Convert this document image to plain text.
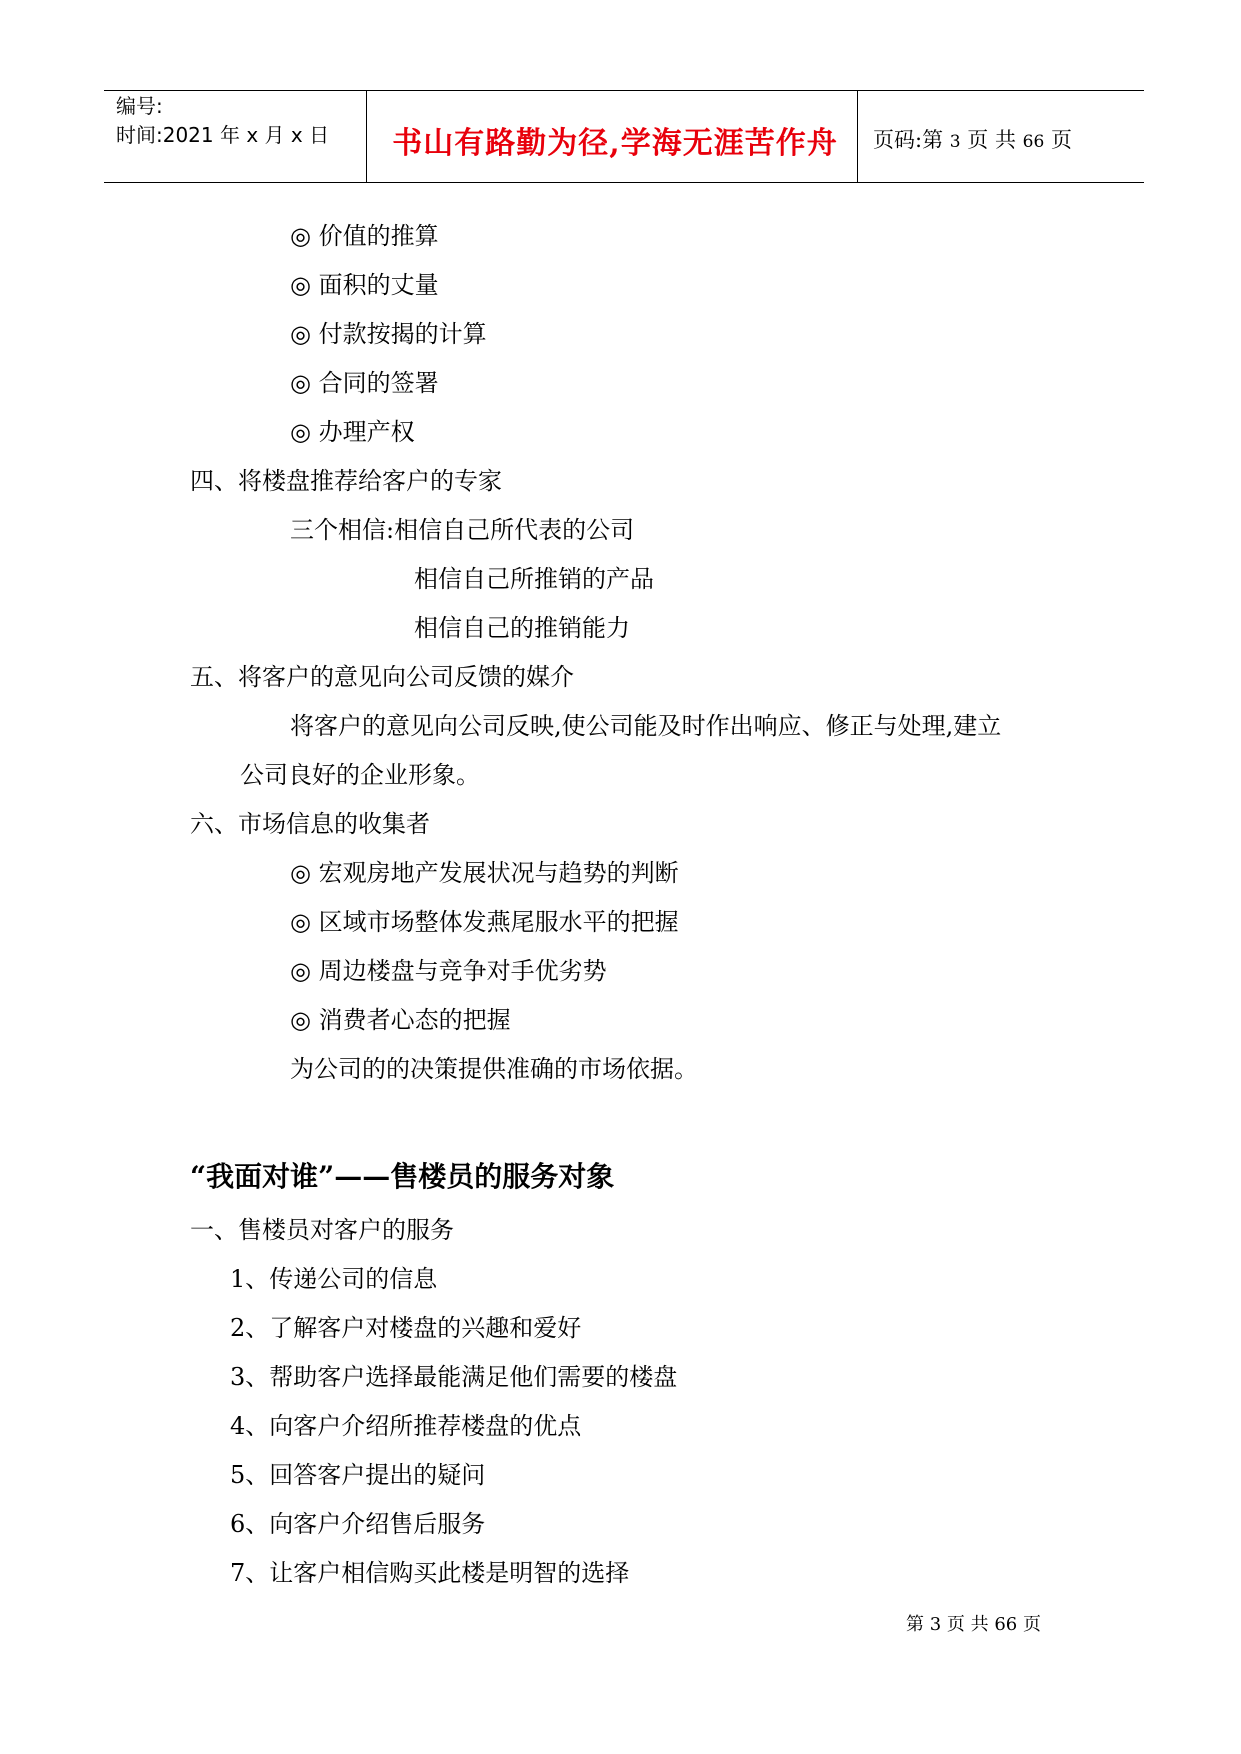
编号:
时间:2021 年 x 月 x 日	书山有路勤为径,学海无涯苦作舟	页码:第 3 页 共 66 页
◎ 价值的推算
◎ 面积的丈量
◎ 付款按揭的计算
◎ 合同的签署
◎ 办理产权
四、将楼盘推荐给客户的专家
三个相信:相信自己所代表的公司
相信自己所推销的产品
相信自己的推销能力
五、将客户的意见向公司反馈的媒介
将客户的意见向公司反映,使公司能及时作出响应、修正与处理,建立
公司良好的企业形象。
六、市场信息的收集者
◎ 宏观房地产发展状况与趋势的判断
◎ 区域市场整体发燕尾服水平的把握
◎ 周边楼盘与竞争对手优劣势
◎ 消费者心态的把握
为公司的的决策提供准确的市场依据。
“我面对谁”——售楼员的服务对象
一、售楼员对客户的服务
1、传递公司的信息
2、了解客户对楼盘的兴趣和爱好
3、帮助客户选择最能满足他们需要的楼盘
4、向客户介绍所推荐楼盘的优点
5、回答客户提出的疑问
6、向客户介绍售后服务
7、让客户相信购买此楼是明智的选择
第 3 页 共 66 页
